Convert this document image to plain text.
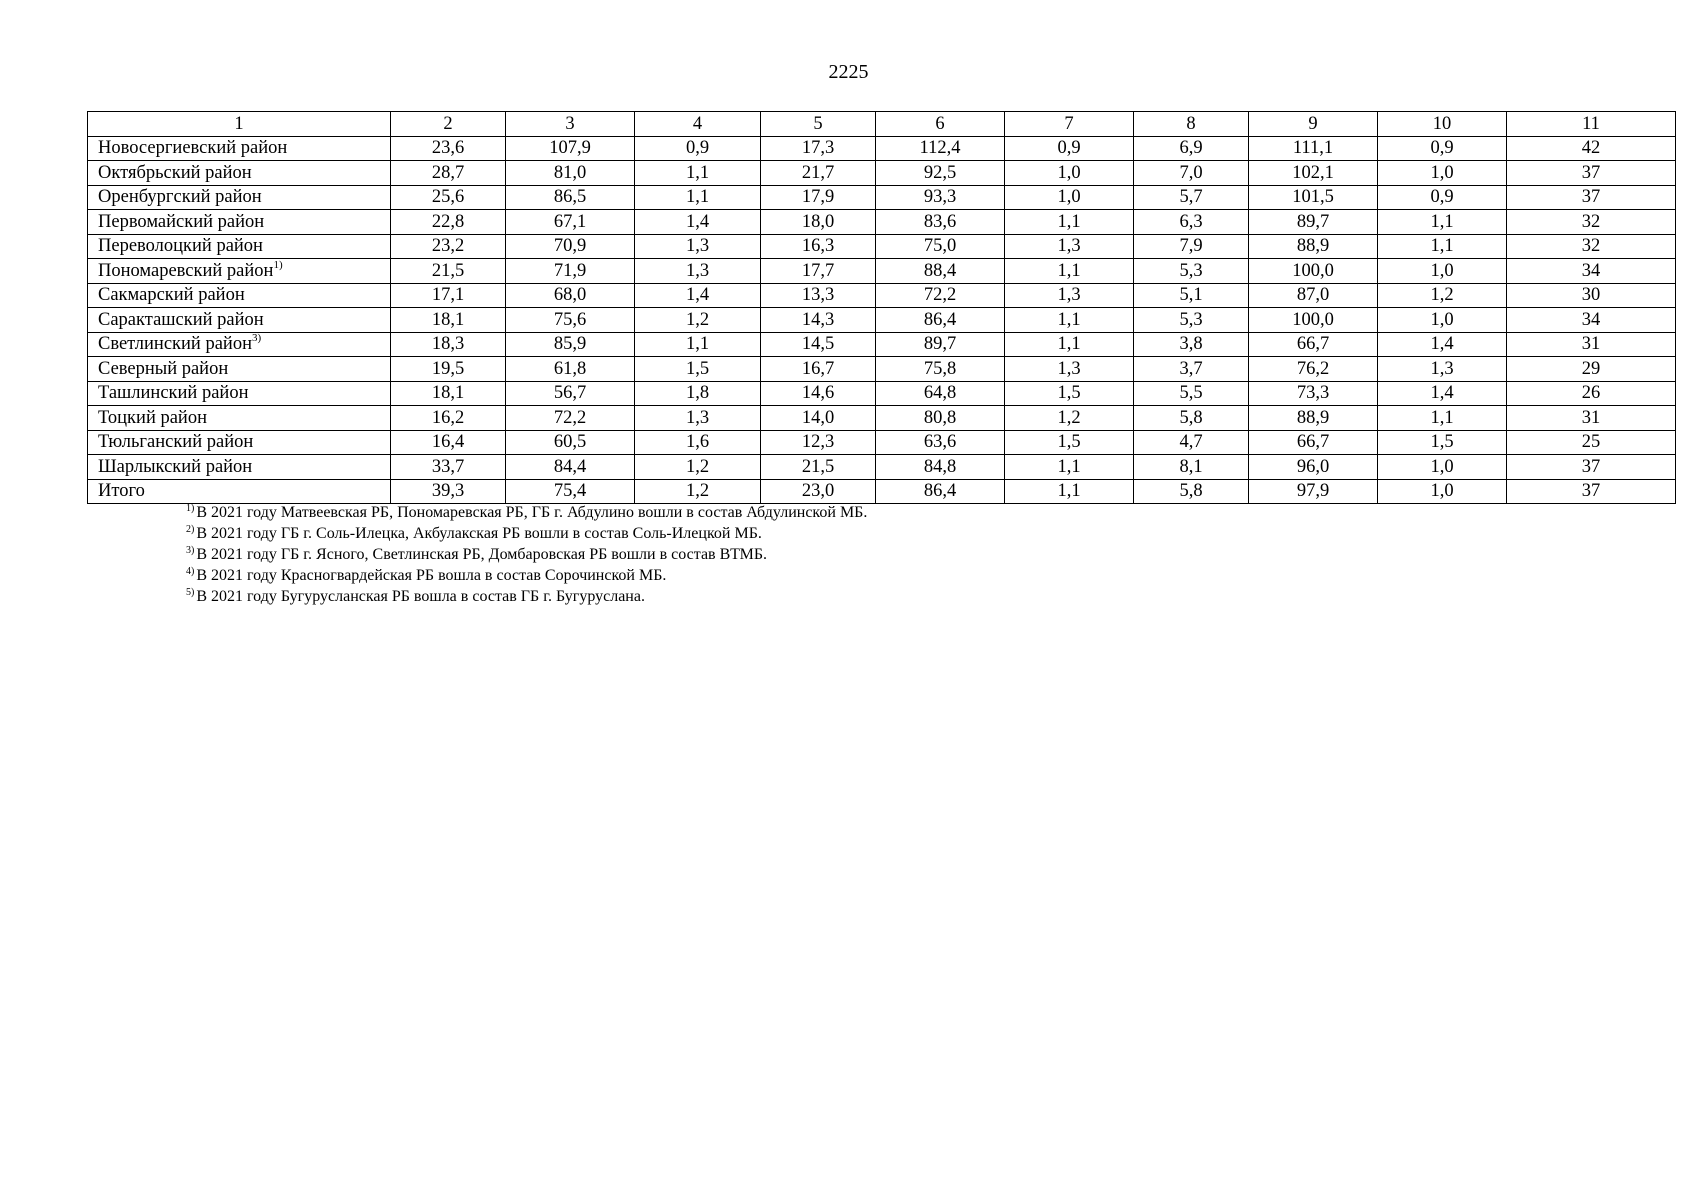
2225
1	2	3	4	5	6	7	8	9	10	11
Новосергиевский район	23,6	107,9	0,9	17,3	112,4	0,9	6,9	111,1	0,9	42
Октябрьский район	28,7	81,0	1,1	21,7	92,5	1,0	7,0	102,1	1,0	37
Оренбургский район	25,6	86,5	1,1	17,9	93,3	1,0	5,7	101,5	0,9	37
Первомайский район	22,8	67,1	1,4	18,0	83,6	1,1	6,3	89,7	1,1	32
Переволоцкий район	23,2	70,9	1,3	16,3	75,0	1,3	7,9	88,9	1,1	32
Пономаревский район$^{1)}$	21,5	71,9	1,3	17,7	88,4	1,1	5,3	100,0	1,0	34
Сакмарский район	17,1	68,0	1,4	13,3	72,2	1,3	5,1	87,0	1,2	30
Саракташский район	18,1	75,6	1,2	14,3	86,4	1,1	5,3	100,0	1,0	34
Светлинский район$^{3)}$	18,3	85,9	1,1	14,5	89,7	1,1	3,8	66,7	1,4	31
Северный район	19,5	61,8	1,5	16,7	75,8	1,3	3,7	76,2	1,3	29
Ташлинский район	18,1	56,7	1,8	14,6	64,8	1,5	5,5	73,3	1,4	26
Тоцкий район	16,2	72,2	1,3	14,0	80,8	1,2	5,8	88,9	1,1	31
Тюльганский район	16,4	60,5	1,6	12,3	63,6	1,5	4,7	66,7	1,5	25
Шарлыкский район	33,7	84,4	1,2	21,5	84,8	1,1	8,1	96,0	1,0	37
Итого	39,3	75,4	1,2	23,0	86,4	1,1	5,8	97,9	1,0	37
$^{1)}$ В 2021 году Матвеевская РБ, Пономаревская РБ, ГБ г. Абдулино вошли в состав Абдулинской МБ.
$^{2)}$ В 2021 году ГБ г. Соль-Илецка, Акбулакская РБ вошли в состав Соль-Илецкой МБ.
$^{3)}$ В 2021 году ГБ г. Ясного, Светлинская РБ, Домбаровская РБ вошли в состав ВТМБ.
$^{4)}$ В 2021 году Красногвардейская РБ вошла в состав Сорочинской МБ.
$^{5)}$ В 2021 году Бугурусланская РБ вошла в состав ГБ г. Бугуруслана.
